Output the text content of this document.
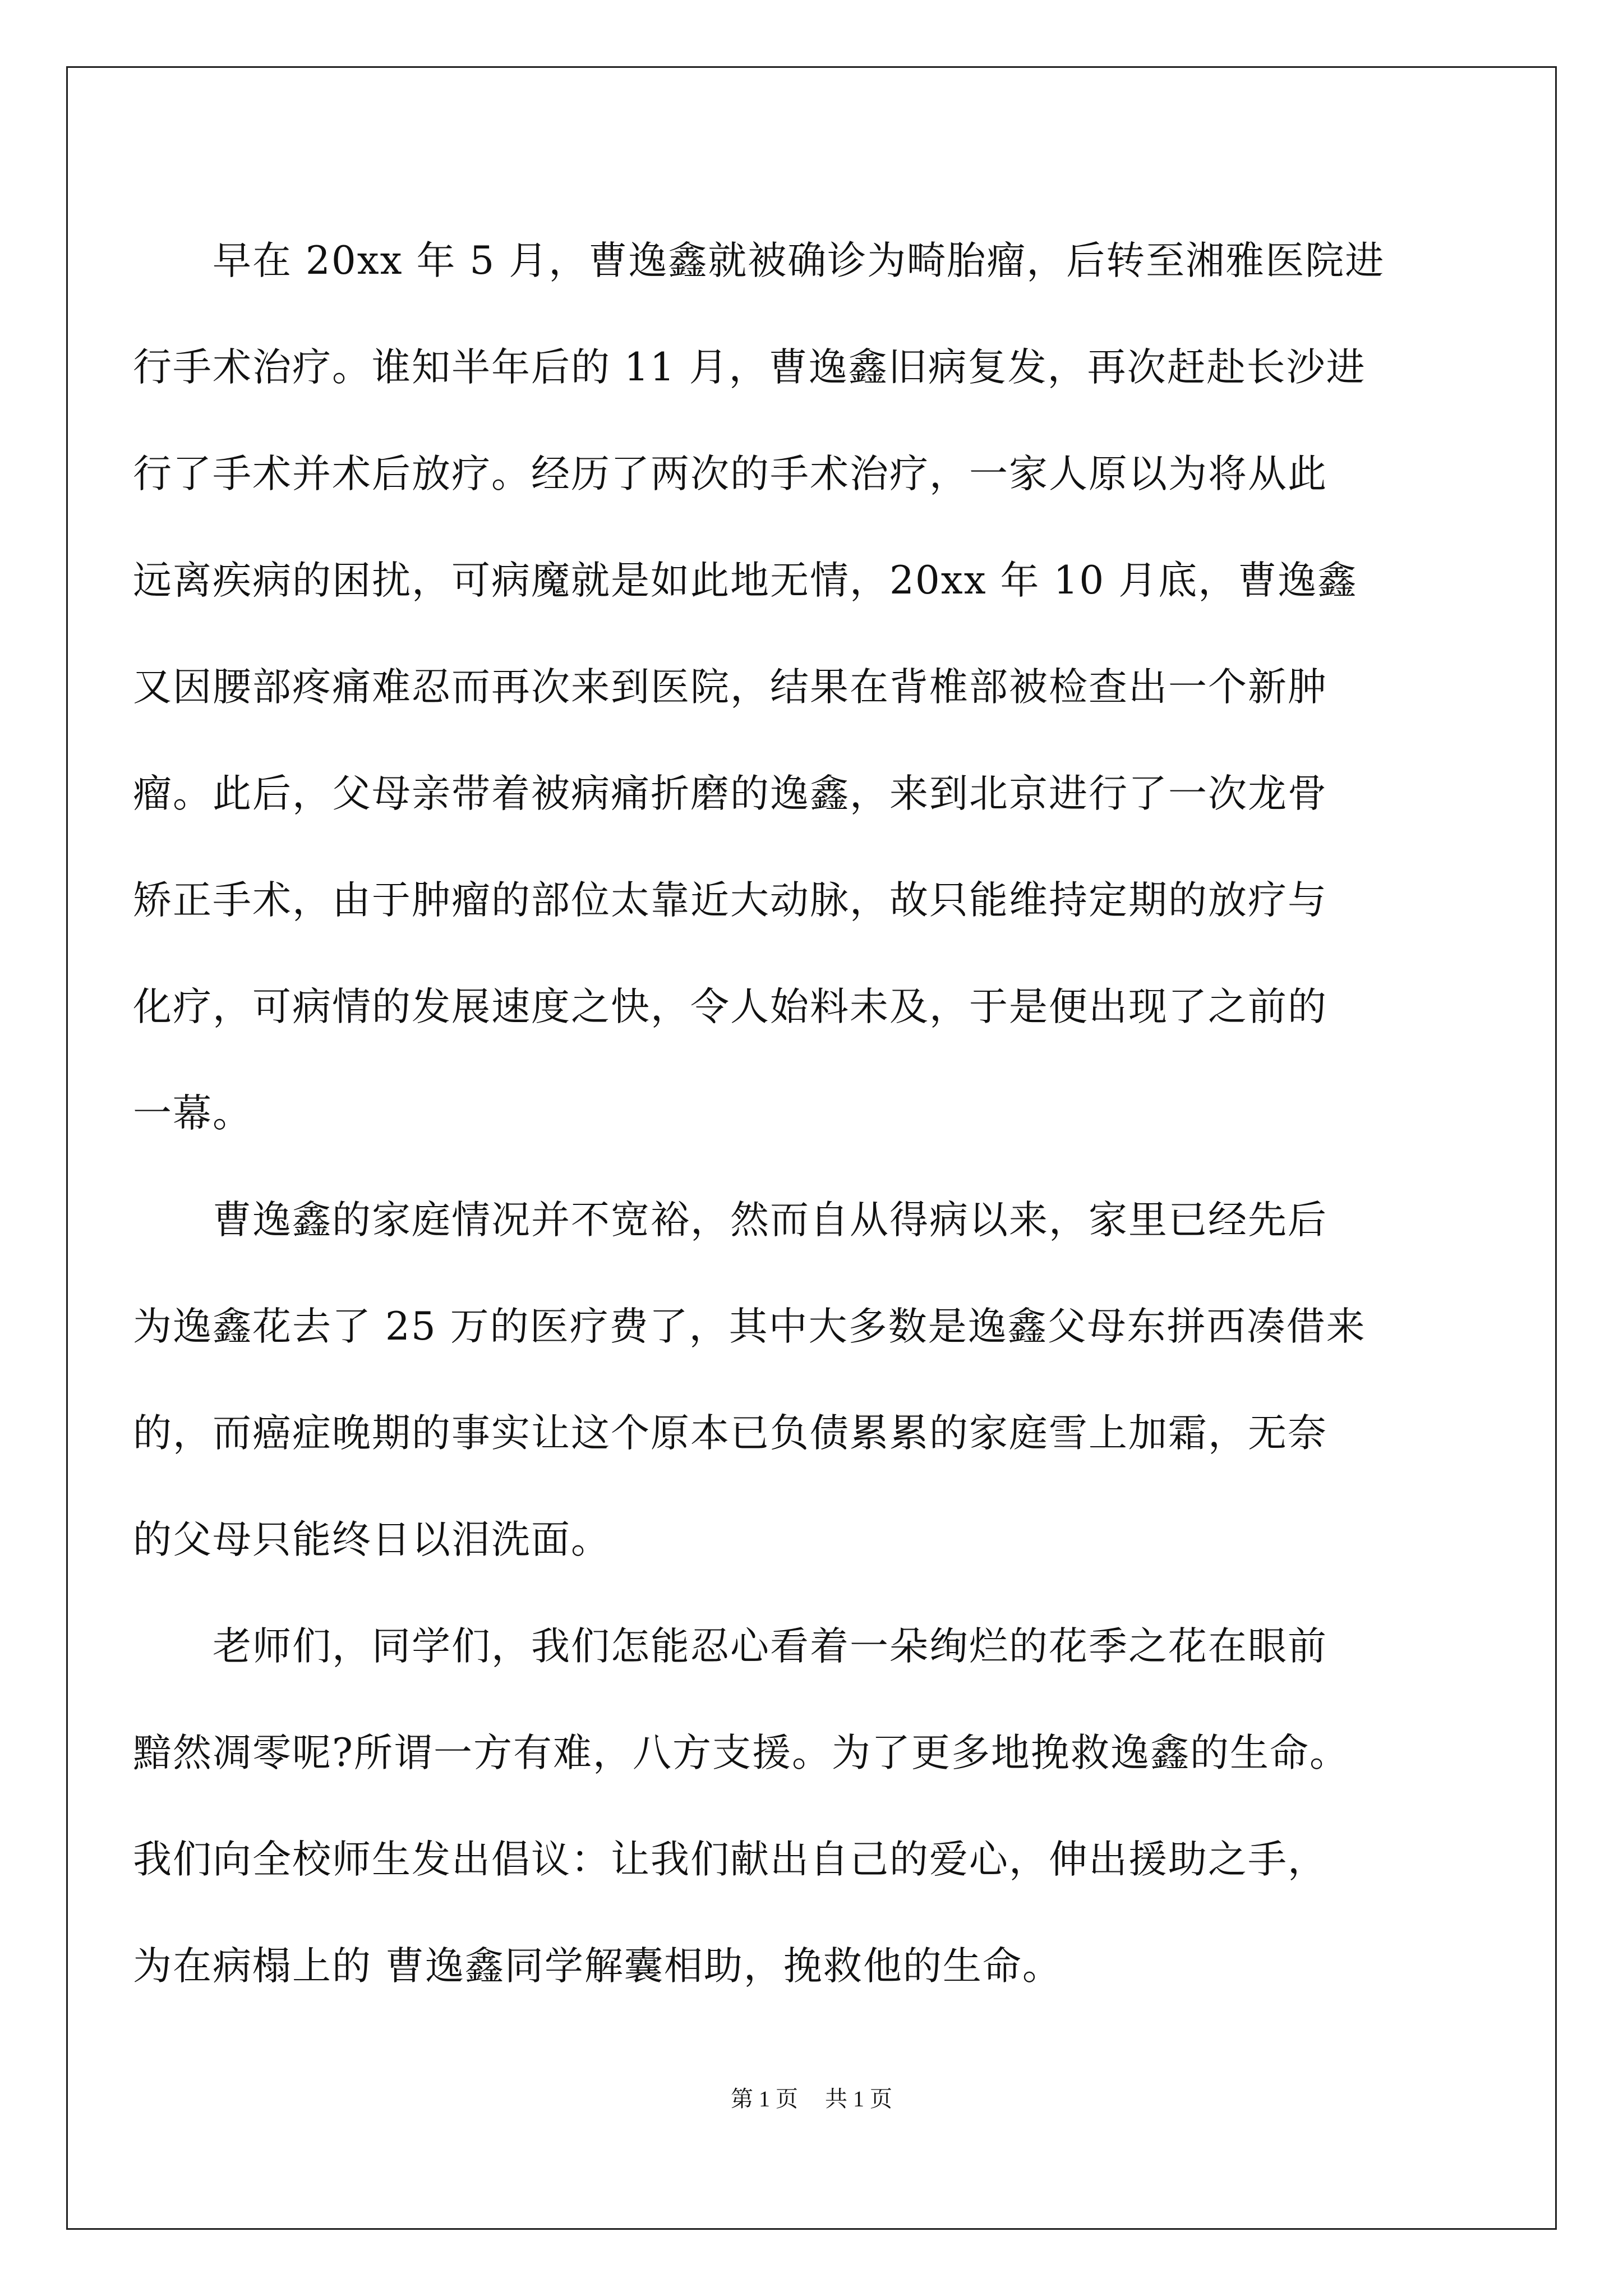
　　早在 20xx 年 5 月，曹逸鑫就被确诊为畸胎瘤，后转至湘雅医院进
行手术治疗。谁知半年后的 11 月，曹逸鑫旧病复发，再次赶赴长沙进
行了手术并术后放疗。经历了两次的手术治疗，一家人原以为将从此
远离疾病的困扰，可病魔就是如此地无情，20xx 年 10 月底，曹逸鑫
又因腰部疼痛难忍而再次来到医院，结果在背椎部被检查出一个新肿
瘤。此后，父母亲带着被病痛折磨的逸鑫，来到北京进行了一次龙骨
矫正手术，由于肿瘤的部位太靠近大动脉，故只能维持定期的放疗与
化疗，可病情的发展速度之快，令人始料未及，于是便出现了之前的
一幕。
　　曹逸鑫的家庭情况并不宽裕，然而自从得病以来，家里已经先后
为逸鑫花去了 25 万的医疗费了，其中大多数是逸鑫父母东拼西凑借来
的，而癌症晚期的事实让这个原本已负债累累的家庭雪上加霜，无奈
的父母只能终日以泪洗面。
　　老师们，同学们，我们怎能忍心看着一朵绚烂的花季之花在眼前
黯然凋零呢?所谓一方有难，八方支援。为了更多地挽救逸鑫的生命。
我们向全校师生发出倡议：让我们献出自己的爱心，伸出援助之手，
为在病榻上的 曹逸鑫同学解囊相助，挽救他的生命。
第 1 页 共 1 页
